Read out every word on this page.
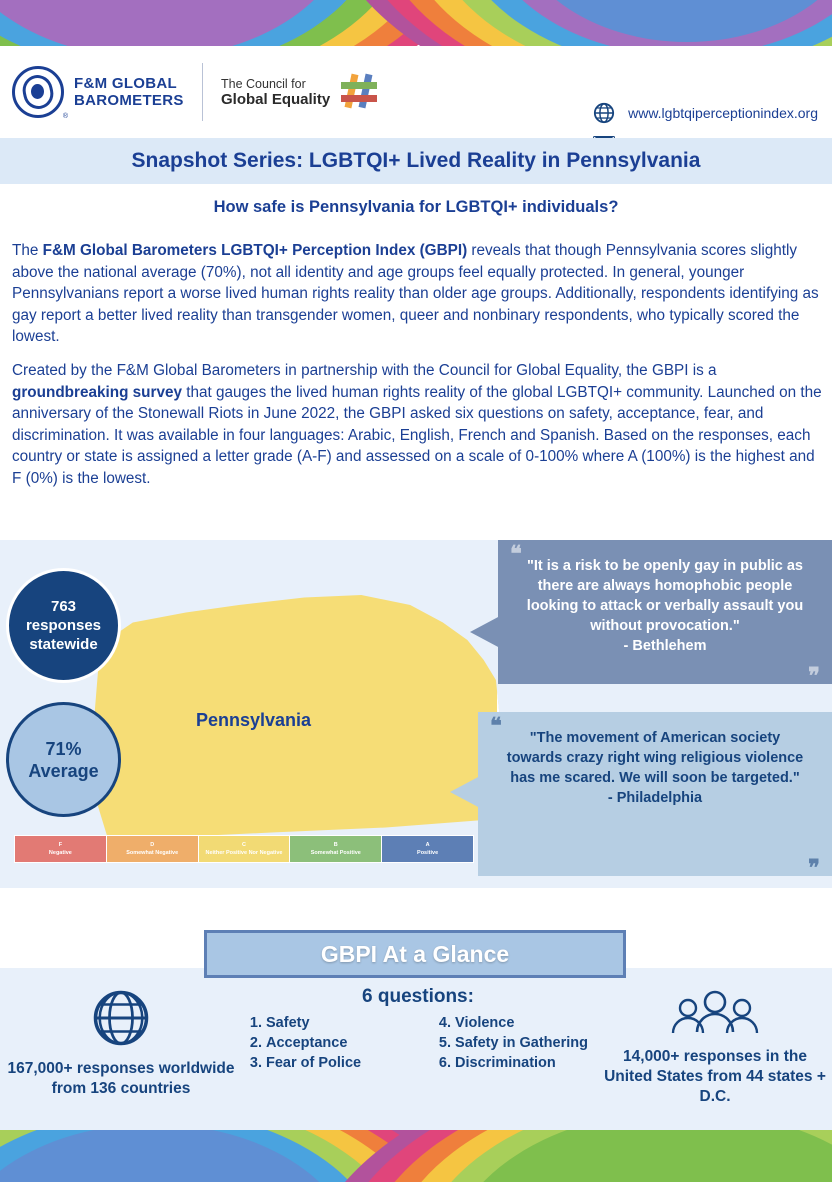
®
F&M GLOBAL BAROMETERS
The Council for
Global Equality
www.lgbtqiperceptionindex.org
Snapshot Series: LGBTQI+ Lived Reality in Pennsylvania
How safe is Pennsylvania for LGBTQI+ individuals?
The F&M Global Barometers LGBTQI+ Perception Index (GBPI) reveals that though Pennsylvania scores slightly above the national average (70%), not all identity and age groups feel equally protected. In general, younger Pennsylvanians report a worse lived human rights reality than older age groups. Additionally, respondents identifying as gay report a better lived reality than transgender women, queer and nonbinary respondents, who typically scored the lowest.
Created by the F&M Global Barometers in partnership with the Council for Global Equality, the GBPI is a groundbreaking survey that gauges the lived human rights reality of the global LGBTQI+ community. Launched on the anniversary of the Stonewall Riots in June 2022, the GBPI asked six questions on safety, acceptance, fear, and discrimination. It was available in four languages: Arabic, English, French and Spanish. Based on the responses, each country or state is assigned a letter grade (A-F) and assessed on a scale of 0-100% where A (100%) is the highest and F (0%) is the lowest.
Pennsylvania
763
responses
statewide
71%
Average
F
Negative
D
Somewhat Negative
C
Neither Positive Nor Negative
B
Somewhat Positive
A
Positive
❝ "It is a risk to be openly gay in public as there are always homophobic people looking to attack or verbally assault you without provocation."
- Bethlehem
❞
❝	"The movement of American society towards crazy right wing religious violence has me scared. We will soon be targeted."
- Philadelphia
❞
GBPI At a Glance
167,000+ responses worldwide from 136 countries
6 questions:
1. Safety
2. Acceptance
3. Fear of Police
4. Violence
5. Safety in Gathering
6. Discrimination	14,000+ responses in the United States from 44 states + D.C.
